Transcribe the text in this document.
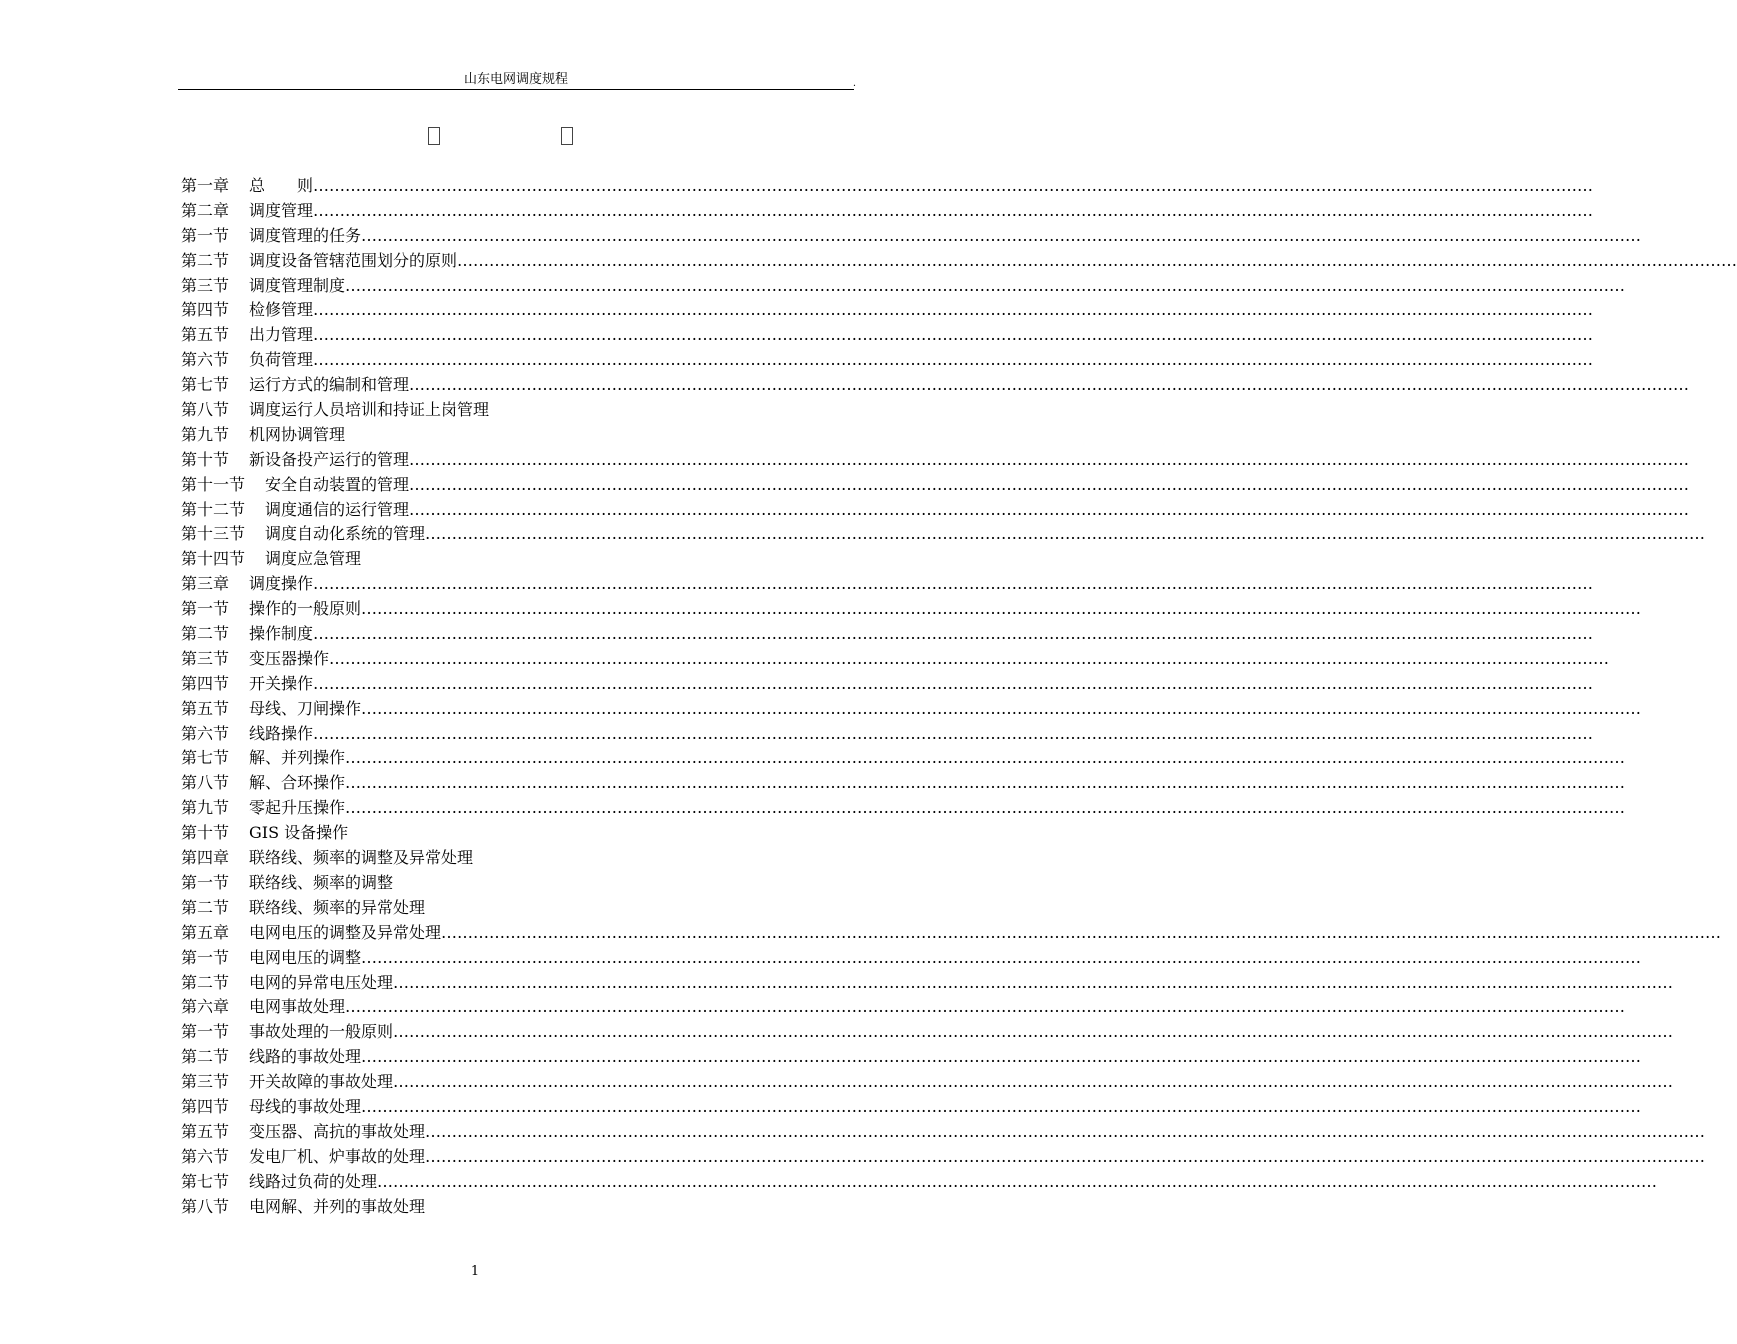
山东电网调度规程	.
第一章 总　　则……………………………………………………………………………………………………………………………………………………………………………………………………………………
第二章 调度管理……………………………………………………………………………………………………………………………………………………………………………………………………………………
第一节 调度管理的任务……………………………………………………………………………………………………………………………………………………………………………………………………………………
第二节 调度设备管辖范围划分的原则……………………………………………………………………………………………………………………………………………………………………………………………………………………
第三节 调度管理制度……………………………………………………………………………………………………………………………………………………………………………………………………………………
第四节 检修管理……………………………………………………………………………………………………………………………………………………………………………………………………………………
第五节 出力管理……………………………………………………………………………………………………………………………………………………………………………………………………………………
第六节 负荷管理……………………………………………………………………………………………………………………………………………………………………………………………………………………
第七节 运行方式的编制和管理……………………………………………………………………………………………………………………………………………………………………………………………………………………
第八节 调度运行人员培训和持证上岗管理
第九节 机网协调管理
第十节 新设备投产运行的管理……………………………………………………………………………………………………………………………………………………………………………………………………………………
第十一节 安全自动装置的管理……………………………………………………………………………………………………………………………………………………………………………………………………………………
第十二节 调度通信的运行管理……………………………………………………………………………………………………………………………………………………………………………………………………………………
第十三节 调度自动化系统的管理……………………………………………………………………………………………………………………………………………………………………………………………………………………
第十四节 调度应急管理
第三章 调度操作……………………………………………………………………………………………………………………………………………………………………………………………………………………
第一节 操作的一般原则……………………………………………………………………………………………………………………………………………………………………………………………………………………
第二节 操作制度……………………………………………………………………………………………………………………………………………………………………………………………………………………
第三节 变压器操作……………………………………………………………………………………………………………………………………………………………………………………………………………………
第四节 开关操作……………………………………………………………………………………………………………………………………………………………………………………………………………………
第五节 母线、刀闸操作……………………………………………………………………………………………………………………………………………………………………………………………………………………
第六节 线路操作……………………………………………………………………………………………………………………………………………………………………………………………………………………
第七节 解、并列操作……………………………………………………………………………………………………………………………………………………………………………………………………………………
第八节 解、合环操作……………………………………………………………………………………………………………………………………………………………………………………………………………………
第九节 零起升压操作……………………………………………………………………………………………………………………………………………………………………………………………………………………
第十节 GIS 设备操作
第四章 联络线、频率的调整及异常处理
第一节 联络线、频率的调整
第二节 联络线、频率的异常处理
第五章 电网电压的调整及异常处理……………………………………………………………………………………………………………………………………………………………………………………………………………………
第一节 电网电压的调整……………………………………………………………………………………………………………………………………………………………………………………………………………………
第二节 电网的异常电压处理……………………………………………………………………………………………………………………………………………………………………………………………………………………
第六章 电网事故处理……………………………………………………………………………………………………………………………………………………………………………………………………………………
第一节 事故处理的一般原则……………………………………………………………………………………………………………………………………………………………………………………………………………………
第二节 线路的事故处理……………………………………………………………………………………………………………………………………………………………………………………………………………………
第三节 开关故障的事故处理……………………………………………………………………………………………………………………………………………………………………………………………………………………
第四节 母线的事故处理……………………………………………………………………………………………………………………………………………………………………………………………………………………
第五节 变压器、高抗的事故处理……………………………………………………………………………………………………………………………………………………………………………………………………………………
第六节 发电厂机、炉事故的处理……………………………………………………………………………………………………………………………………………………………………………………………………………………
第七节 线路过负荷的处理……………………………………………………………………………………………………………………………………………………………………………………………………………………
第八节 电网解、并列的事故处理
1
